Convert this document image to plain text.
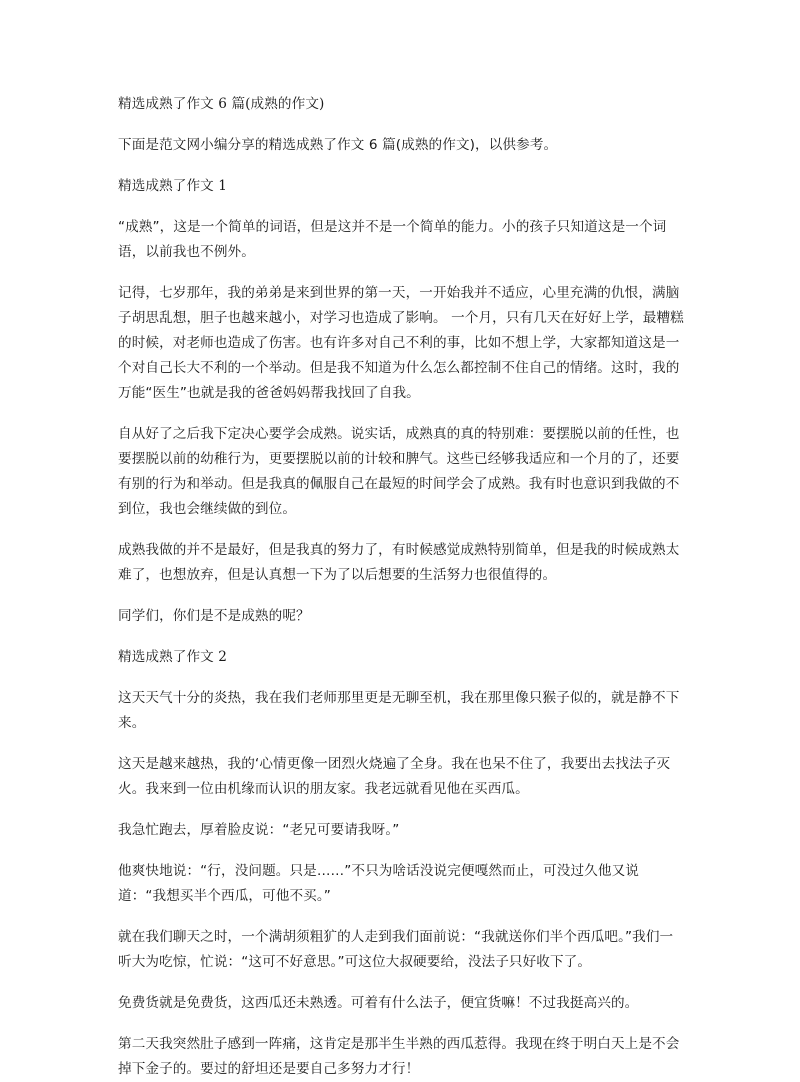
精选成熟了作文 6 篇(成熟的作文)

下面是范文网小编分享的精选成熟了作文 6 篇(成熟的作文)，以供参考。

精选成熟了作文 1

“成熟”，这是一个简单的词语，但是这并不是一个简单的能力。小的孩子只知道这是一个词语，以前我也不例外。

记得，七岁那年，我的弟弟是来到世界的第一天，一开始我并不适应，心里充满的仇恨，满脑子胡思乱想，胆子也越来越小，对学习也造成了影响。 一个月，只有几天在好好上学，最糟糕的时候，对老师也造成了伤害。也有许多对自己不利的事，比如不想上学，大家都知道这是一个对自己长大不利的一个举动。但是我不知道为什么怎么都控制不住自己的情绪。这时，我的万能“医生”也就是我的爸爸妈妈帮我找回了自我。

自从好了之后我下定决心要学会成熟。说实话，成熟真的真的特别难：要摆脱以前的任性，也要摆脱以前的幼稚行为，更要摆脱以前的计较和脾气。这些已经够我适应和一个月的了，还要有别的行为和举动。但是我真的佩服自己在最短的时间学会了成熟。我有时也意识到我做的不到位，我也会继续做的到位。

成熟我做的并不是最好，但是我真的努力了，有时候感觉成熟特别简单，但是我的时候成熟太难了，也想放弃，但是认真想一下为了以后想要的生活努力也很值得的。

同学们，你们是不是成熟的呢？

精选成熟了作文 2

这天天气十分的炎热，我在我们老师那里更是无聊至机，我在那里像只猴子似的，就是静不下来。

这天是越来越热，我的‘心情更像一团烈火烧遍了全身。我在也呆不住了，我要出去找法子灭火。我来到一位由机缘而认识的朋友家。我老远就看见他在买西瓜。

我急忙跑去，厚着脸皮说：“老兄可要请我呀。”

他爽快地说：“行，没问题。只是……”不只为啥话没说完便嘎然而止，可没过久他又说道：“我想买半个西瓜，可他不买。”

就在我们聊天之时，一个满胡须粗犷的人走到我们面前说：“我就送你们半个西瓜吧。”我们一听大为吃惊，忙说：“这可不好意思。”可这位大叔硬要给，没法子只好收下了。

免费货就是免费货，这西瓜还未熟透。可着有什么法子，便宜货嘛！不过我挺高兴的。

第二天我突然肚子感到一阵痛，这肯定是那半生半熟的西瓜惹得。我现在终于明白天上是不会掉下金子的。要过的舒坦还是要自己多努力才行！
